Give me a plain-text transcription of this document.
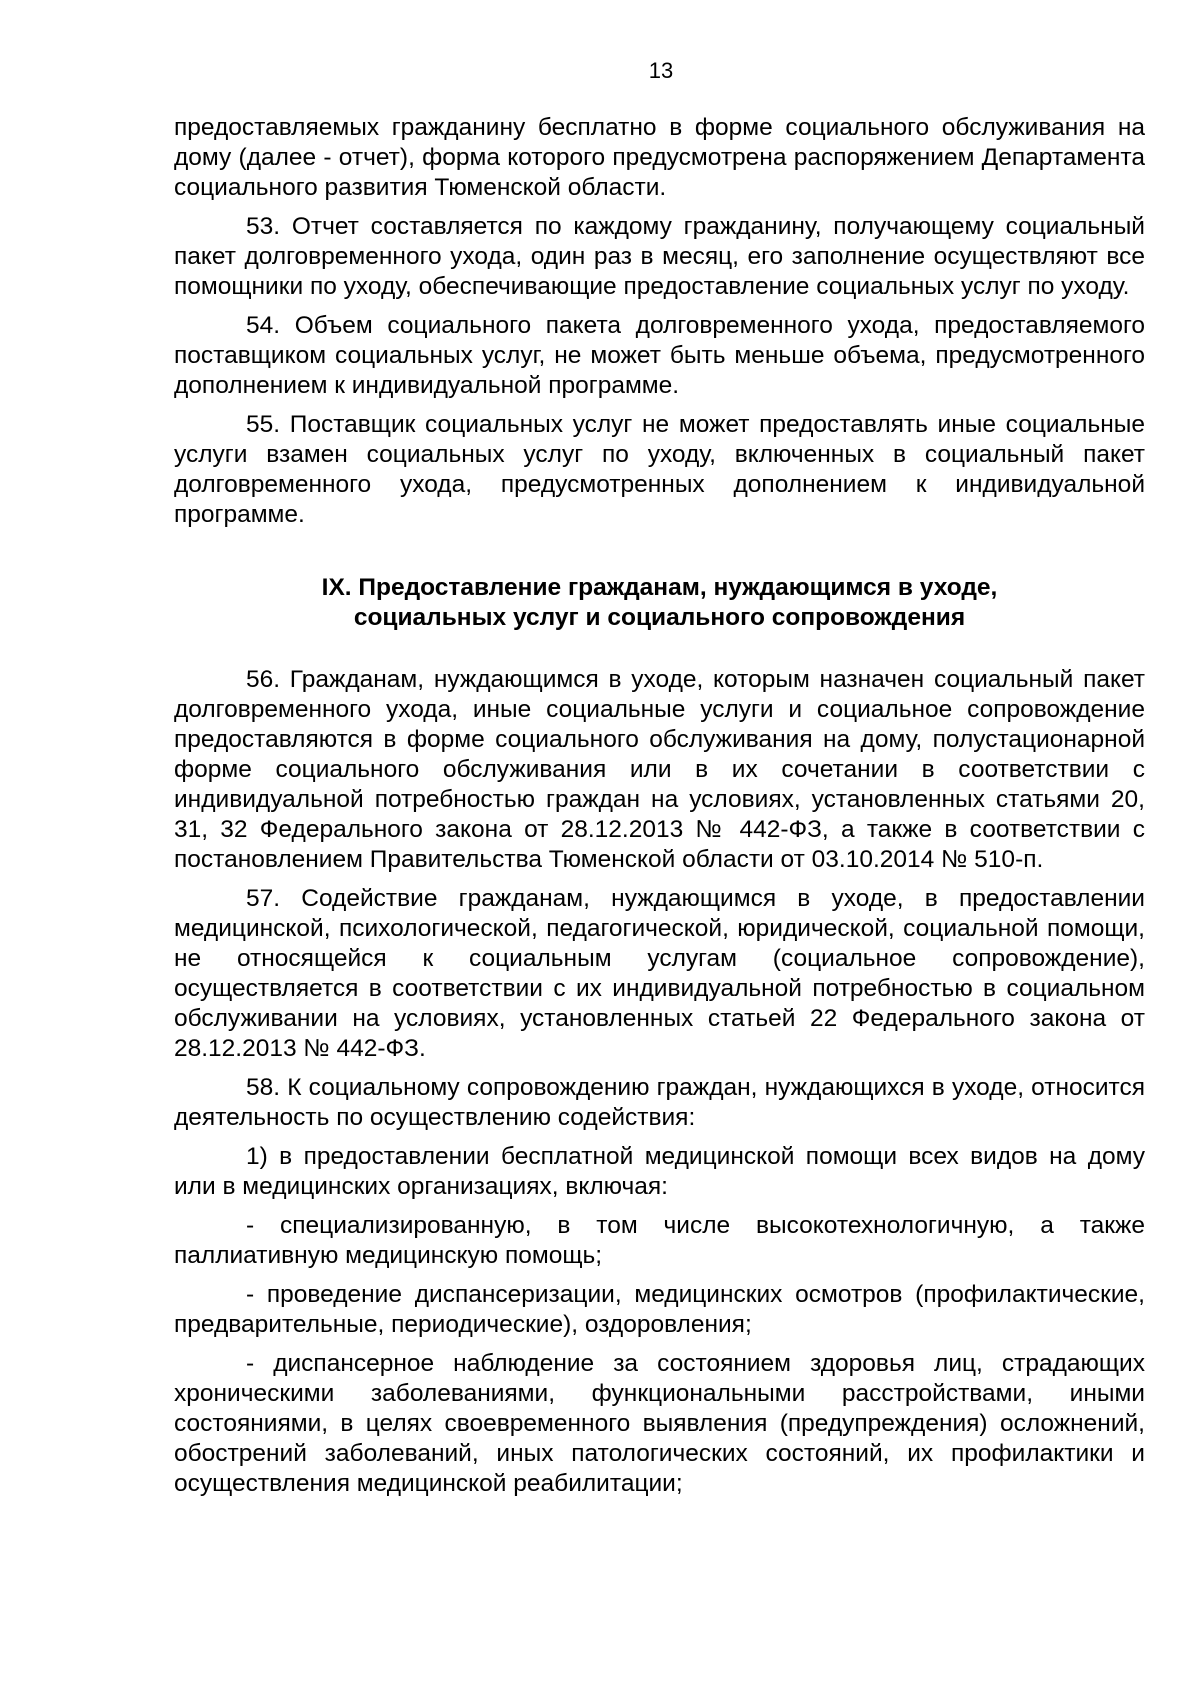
13

предоставляемых гражданину бесплатно в форме социального обслуживания на дому (далее - отчет), форма которого предусмотрена распоряжением Департамента социального развития Тюменской области.

53. Отчет составляется по каждому гражданину, получающему социальный пакет долговременного ухода, один раз в месяц, его заполнение осуществляют все помощники по уходу, обеспечивающие предоставление социальных услуг по уходу.

54. Объем социального пакета долговременного ухода, предоставляемого поставщиком социальных услуг, не может быть меньше объема, предусмотренного дополнением к индивидуальной программе.

55. Поставщик социальных услуг не может предоставлять иные социальные услуги взамен социальных услуг по уходу, включенных в социальный пакет долговременного ухода, предусмотренных дополнением к индивидуальной программе.

IX. Предоставление гражданам, нуждающимся в уходе,
социальных услуг и социального сопровождения

56. Гражданам, нуждающимся в уходе, которым назначен социальный пакет долговременного ухода, иные социальные услуги и социальное сопровождение предоставляются в форме социального обслуживания на дому, полустационарной форме социального обслуживания или в их сочетании в соответствии с индивидуальной потребностью граждан на условиях, установленных статьями 20, 31, 32 Федерального закона от 28.12.2013 № 442-ФЗ, а также в соответствии с постановлением Правительства Тюменской области от 03.10.2014 № 510-п.

57. Содействие гражданам, нуждающимся в уходе, в предоставлении медицинской, психологической, педагогической, юридической, социальной помощи, не относящейся к социальным услугам (социальное сопровождение), осуществляется в соответствии с их индивидуальной потребностью в социальном обслуживании на условиях, установленных статьей 22 Федерального закона от 28.12.2013 № 442-ФЗ.

58. К социальному сопровождению граждан, нуждающихся в уходе, относится деятельность по осуществлению содействия:

1) в предоставлении бесплатной медицинской помощи всех видов на дому или в медицинских организациях, включая:

- специализированную, в том числе высокотехнологичную, а также паллиативную медицинскую помощь;

- проведение диспансеризации, медицинских осмотров (профилактические, предварительные, периодические), оздоровления;

- диспансерное наблюдение за состоянием здоровья лиц, страдающих хроническими заболеваниями, функциональными расстройствами, иными состояниями, в целях своевременного выявления (предупреждения) осложнений, обострений заболеваний, иных патологических состояний, их профилактики и осуществления медицинской реабилитации;
